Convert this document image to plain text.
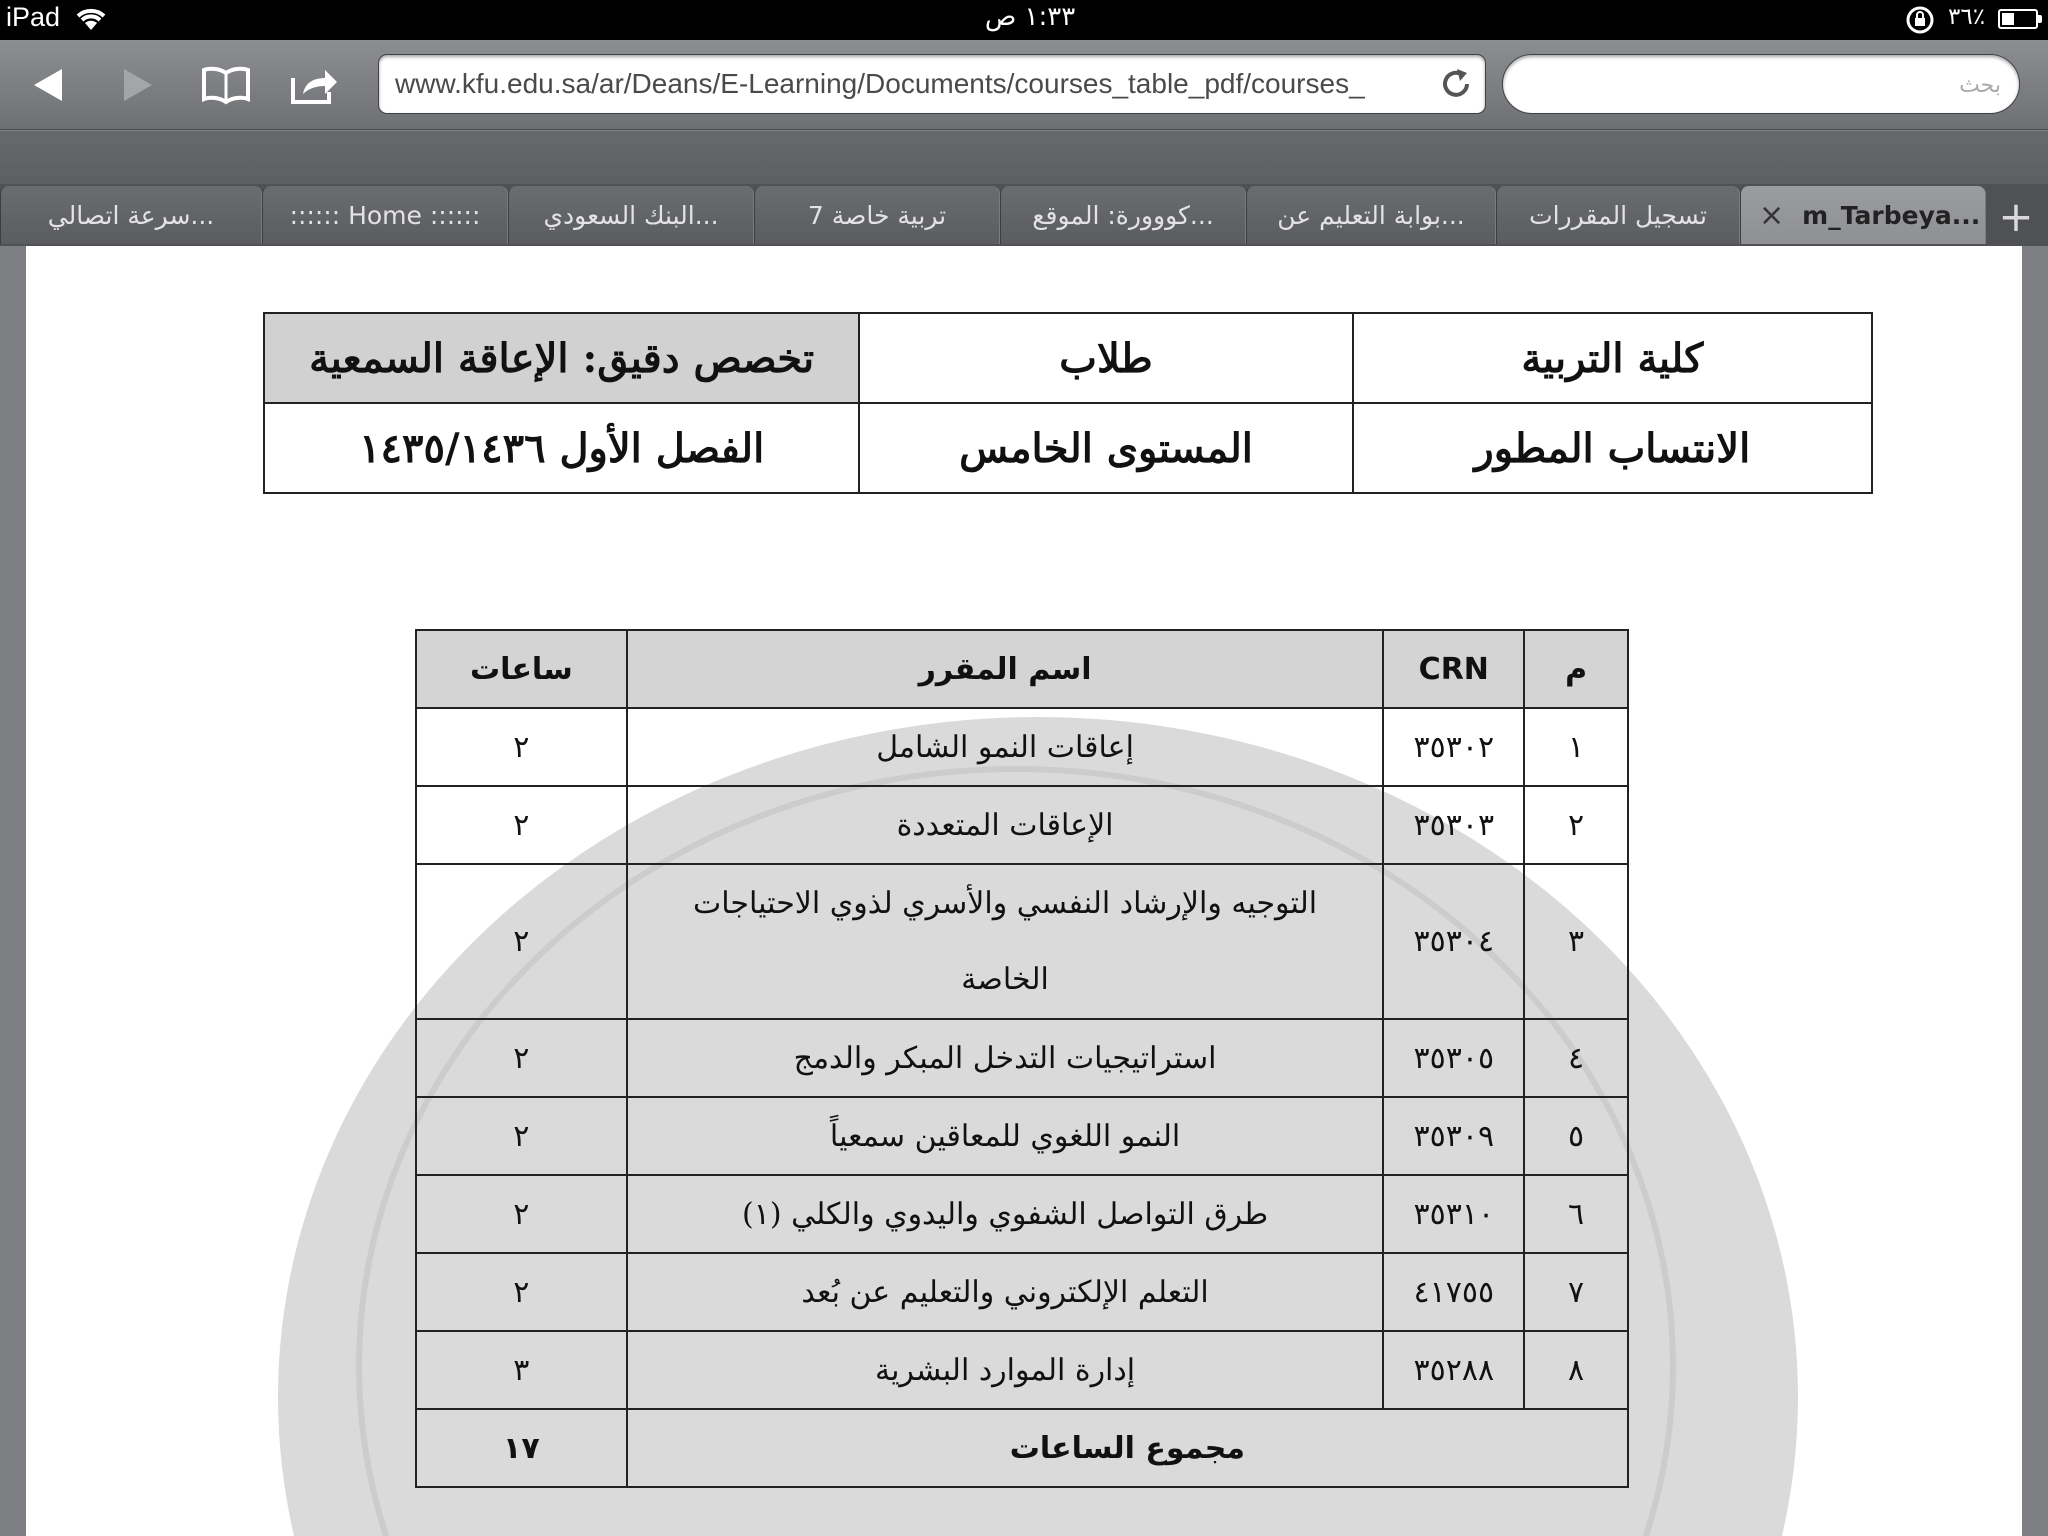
iPad	١:٣٣ ص	٣٦٪
www.kfu.edu.sa/ar/Deans/E-Learning/Documents/courses_table_pdf/courses_
بحث
× m_Tarbeya...
تسجيل المقررات
بوابة التعليم عن...
كووورة: الموقع...
تربية خاصة 7
البنك السعودي...
:::::: Home ::::::
سرعة اتصالي...	+
كلية التربية	طلاب	تخصص دقيق: الإعاقة السمعية
الانتساب المطور	المستوى الخامس	الفصل الأول ١٤٣٥/١٤٣٦
م	CRN	اسم المقرر	ساعات
١	٣٥٣٠٢	إعاقات النمو الشامل	٢
٢	٣٥٣٠٣	الإعاقات المتعددة	٢
٣	٣٥٣٠٤	التوجيه والإرشاد النفسي والأسري لذوي الاحتياجات الخاصة	٢
٤	٣٥٣٠٥	استراتيجيات التدخل المبكر والدمج	٢
٥	٣٥٣٠٩	النمو اللغوي للمعاقين سمعياً	٢
٦	٣٥٣١٠	طرق التواصل الشفوي واليدوي والكلي (١)	٢
٧	٤١٧٥٥	التعلم الإلكتروني والتعليم عن بُعد	٢
٨	٣٥٢٨٨	إدارة الموارد البشرية	٣
مجموع الساعات			١٧
